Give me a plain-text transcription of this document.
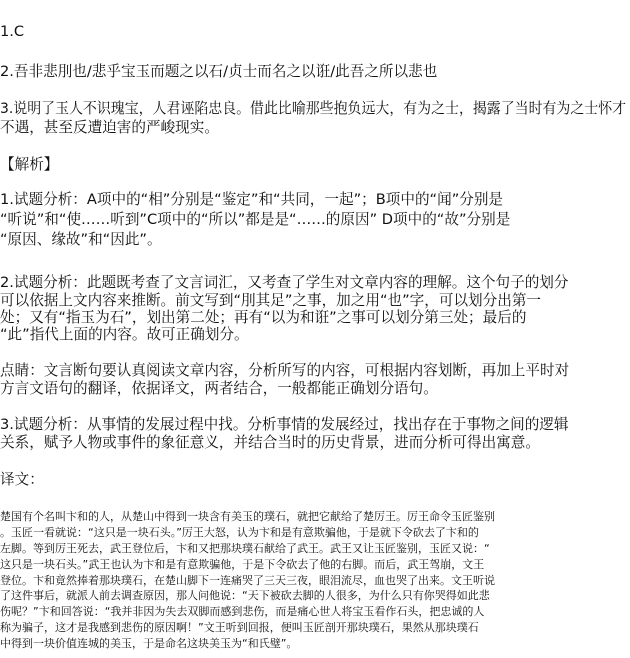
1.C
2.吾非悲刖也/悲乎宝玉而题之以石/贞士而名之以诳/此吾之所以悲也
3.说明了玉人不识瑰宝，人君诬陷忠良。借此比喻那些抱负远大，有为之士，揭露了当时有为之士怀才
不遇，甚至反遭迫害的严峻现实。
【解析】
1.试题分析：A项中的“相”分别是“鉴定”和“共同，一起”；B项中的“闻”分别是
“听说”和“使……听到”C项中的“所以”都是是“……的原因” D项中的“故”分别是
“原因、缘故”和“因此”。
2.试题分析：此题既考查了文言词汇，又考查了学生对文章内容的理解。这个句子的划分
可以依据上文内容来推断。前文写到“刖其足”之事，加之用“也”字，可以划分出第一
处；又有“指玉为石”，划出第二处；再有“以为和诳”之事可以划分第三处；最后的
“此”指代上面的内容。故可正确划分。
点睛：文言断句要认真阅读文章内容，分析所写的内容，可根据内容划断，再加上平时对
方言文语句的翻译，依据译文，两者结合，一般都能正确划分语句。
3.试题分析：从事情的发展过程中找。分析事情的发展经过，找出存在于事物之间的逻辑
关系，赋予人物或事件的象征意义，并结合当时的历史背景，进而分析可得出寓意。
译文：
楚国有个名叫卞和的人，从楚山中得到一块含有美玉的璞石，就把它献给了楚厉王。厉王命令玉匠鉴别
。玉匠一看就说：“这只是一块石头。”厉王大怒，认为卞和是有意欺骗他，于是就下令砍去了卞和的
左脚。等到厉王死去，武王登位后，卞和又把那块璞石献给了武王。武王又让玉匠鉴别，玉匠又说：“
这只是一块石头。”武王也认为卞和是有意欺骗他，于是下令砍去了他的右脚。而后，武王驾崩，文王
登位。卞和竟然捧着那块璞石，在楚山脚下一连痛哭了三天三夜，眼泪流尽，血也哭了出来。文王听说
了这件事后，就派人前去调查原因，那人问他说：“天下被砍去脚的人很多，为什么只有你哭得如此悲
伤呢？”卞和回答说：“我并非因为失去双脚而感到悲伤，而是痛心世人将宝玉看作石头，把忠诚的人
称为骗子，这才是我感到悲伤的原因啊！”文王听到回报，便叫玉匠剖开那块璞石，果然从那块璞石
中得到一块价值连城的美玉，于是命名这块美玉为“和氏璧”。
